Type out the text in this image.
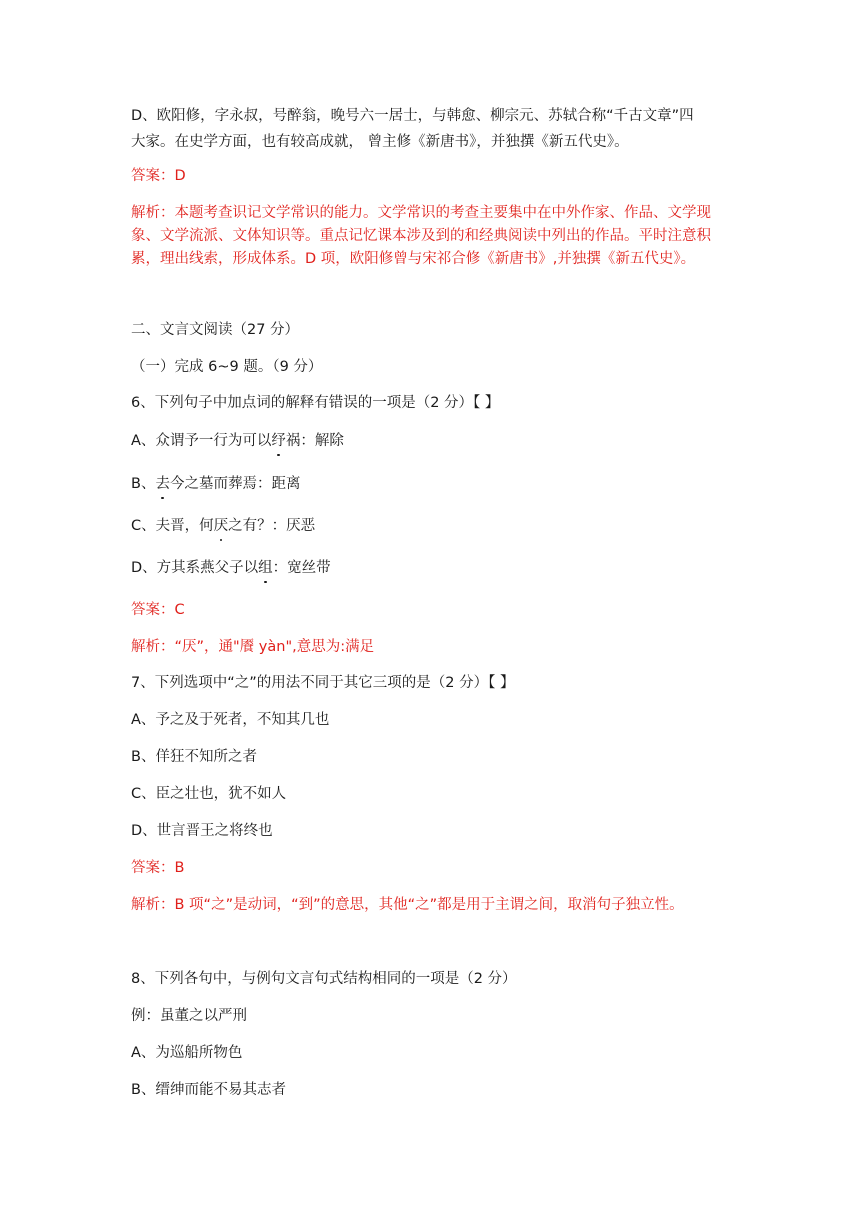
D、欧阳修，字永叔，号醉翁，晚号六一居士，与韩愈、柳宗元、苏轼合称“千古文章”四
大家。在史学方面，也有较高成就， 曾主修《新唐书》，并独撰《新五代史》。
答案：D
解析：本题考查识记文学常识的能力。文学常识的考查主要集中在中外作家、作品、文学现
象、文学流派、文体知识等。重点记忆课本涉及到的和经典阅读中列出的作品。平时注意积
累，理出线索，形成体系。D 项，欧阳修曾与宋祁合修《新唐书》,并独撰《新五代史》。
二、文言文阅读（27 分）
（一）完成 6~9 题。（9 分）
6、下列句子中加点词的解释有错误的一项是（2 分）【 】
A、众谓予一行为可以纾祸：解除
B、去今之墓而葬焉：距离
C、夫晋，何厌之有？：厌恶
D、方其系燕父子以组：宽丝带
答案：C
解析：“厌”，通"餍 yàn",意思为:满足
7、下列选项中“之”的用法不同于其它三项的是（2 分）【 】
A、予之及于死者，不知其几也
B、佯狂不知所之者
C、臣之壮也，犹不如人
D、世言晋王之将终也
答案：B
解析：B 项“之”是动词，“到”的意思，其他“之”都是用于主谓之间，取消句子独立性。
8、下列各句中，与例句文言句式结构相同的一项是（2 分）
例：虽董之以严刑
A、为巡船所物色
B、缙绅而能不易其志者
